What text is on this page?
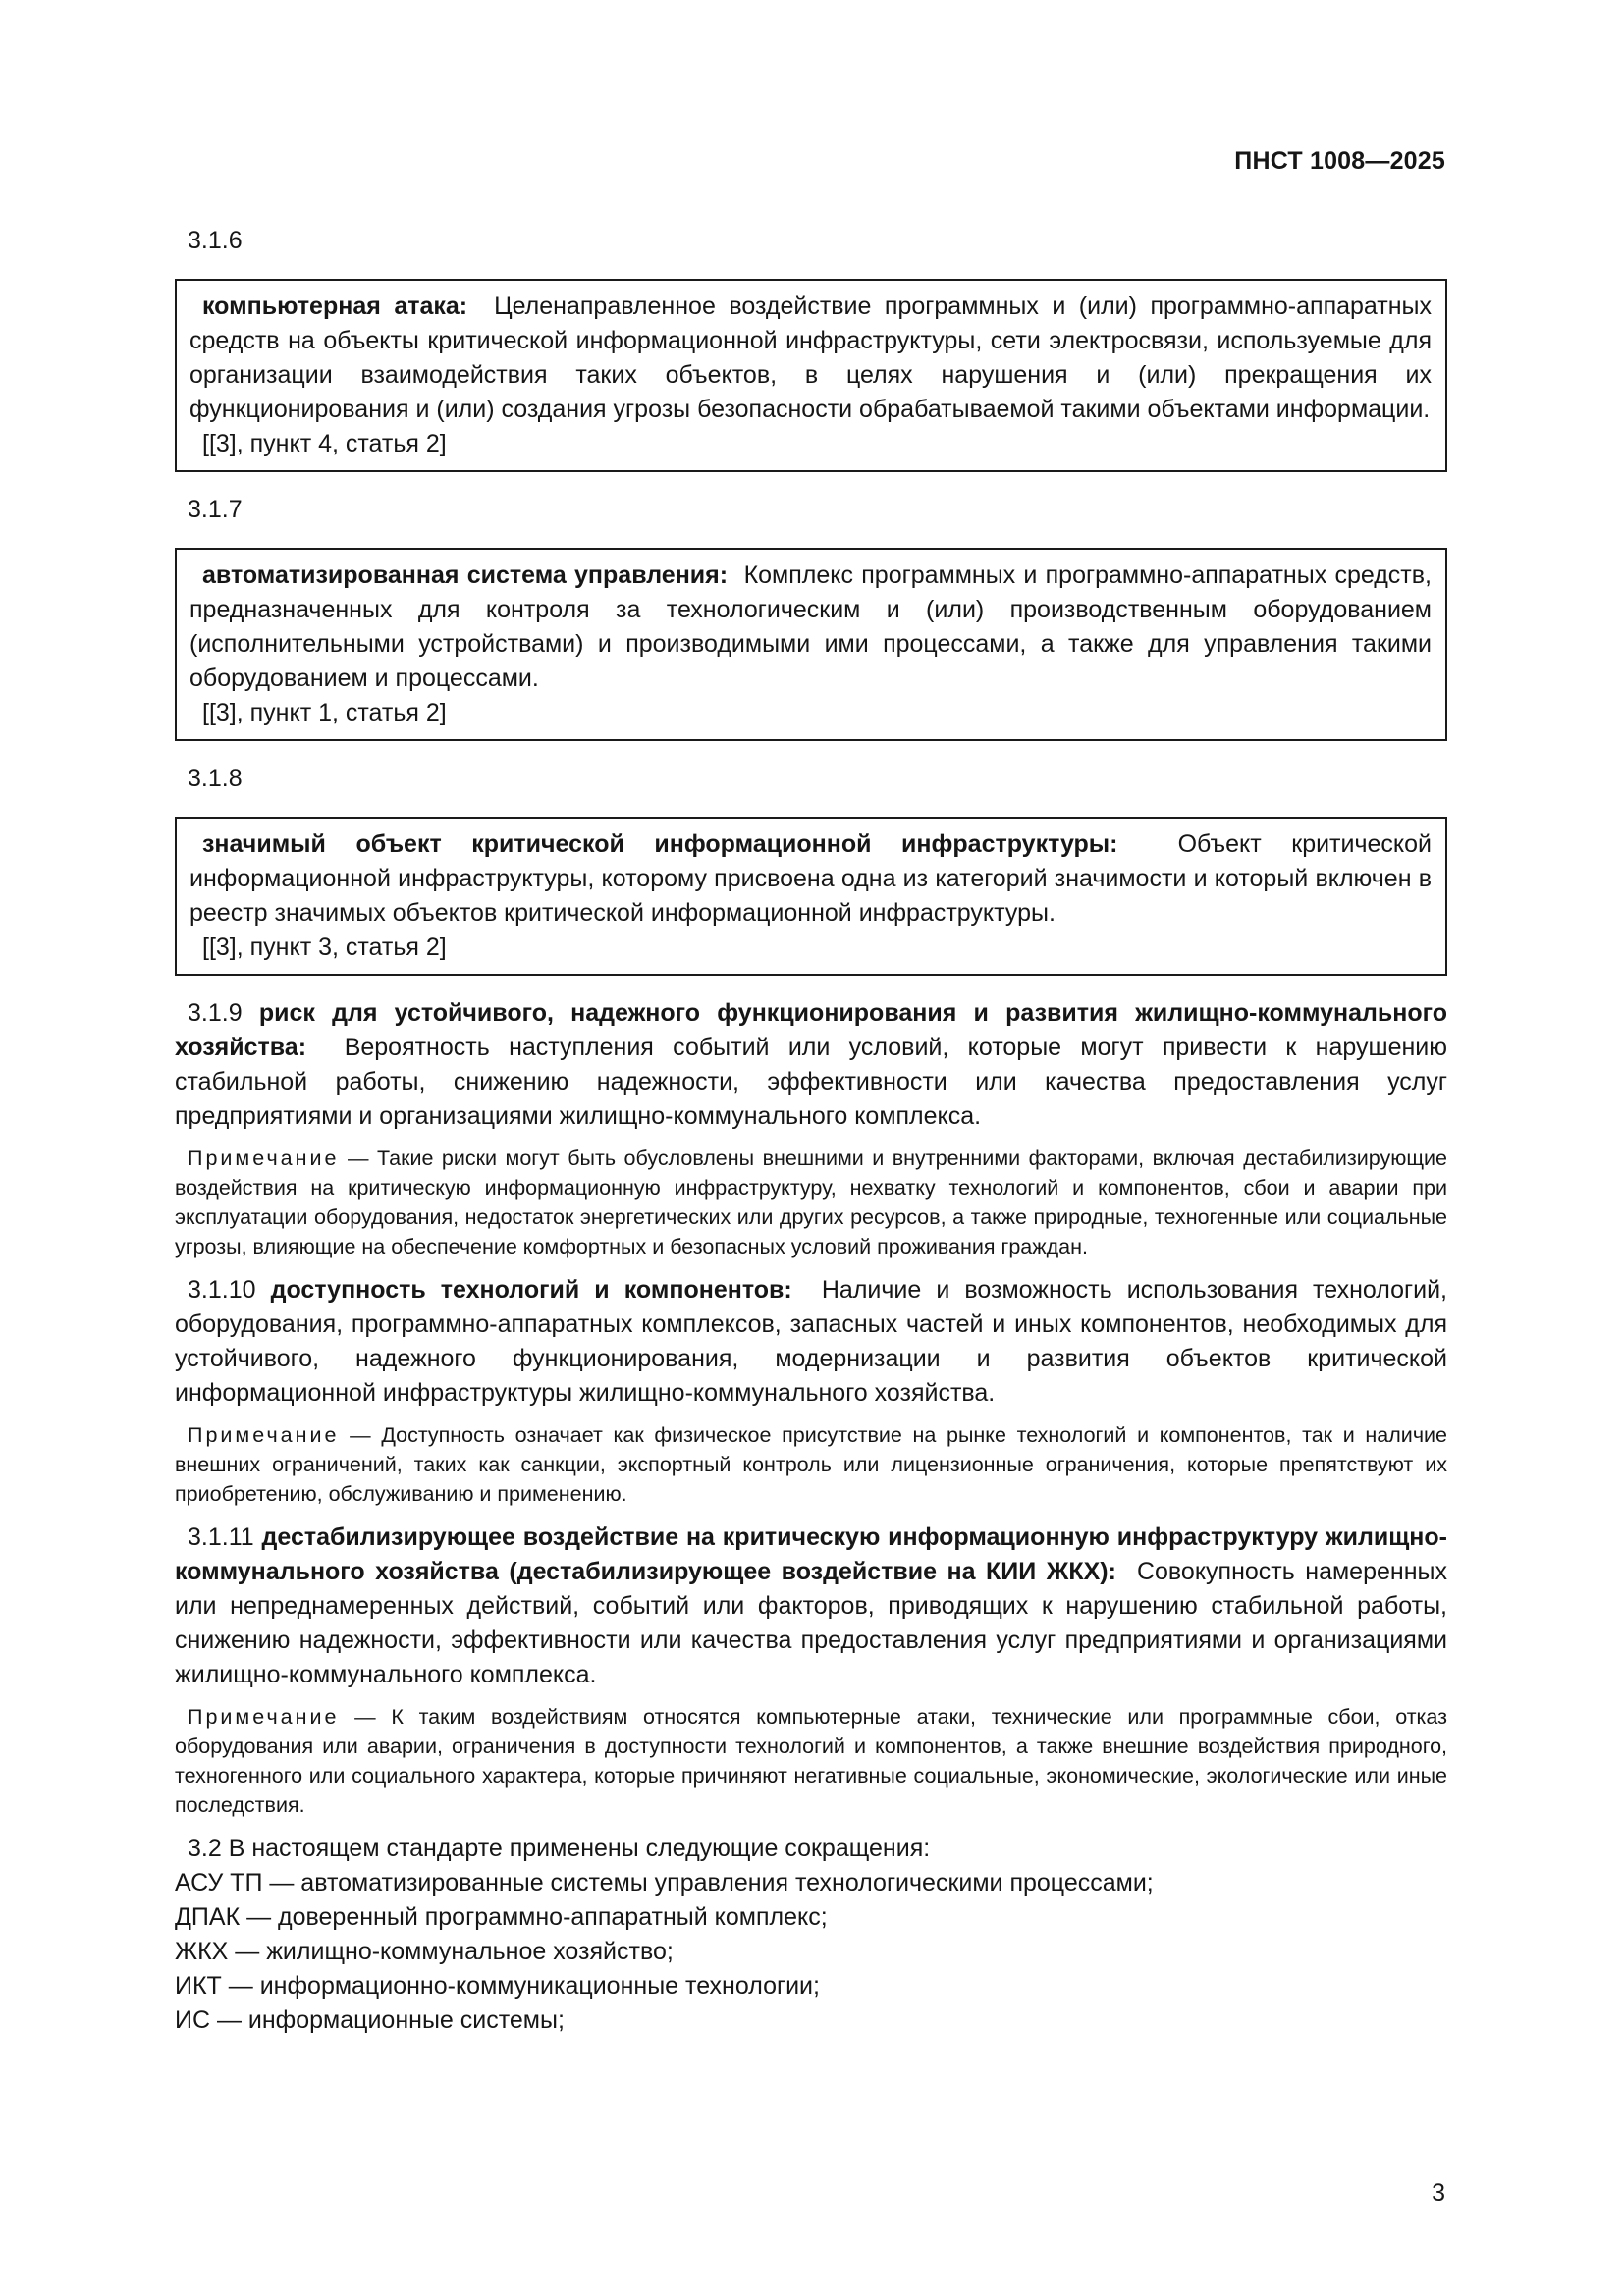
ПНСТ 1008—2025
3.1.6

компьютерная атака: Целенаправленное воздействие программных и (или) программно-аппаратных средств на объекты критической информационной инфраструктуры, сети электросвязи, используемые для организации взаимодействия таких объектов, в целях нарушения и (или) прекращения их функционирования и (или) создания угрозы безопасности обрабатываемой такими объектами информации.

[[3], пункт 4, статья 2]
3.1.7

автоматизированная система управления: Комплекс программных и программно-аппаратных средств, предназначенных для контроля за технологическим и (или) производственным оборудованием (исполнительными устройствами) и производимыми ими процессами, а также для управления такими оборудованием и процессами.

[[3], пункт 1, статья 2]
3.1.8

значимый объект критической информационной инфраструктуры: Объект критической информационной инфраструктуры, которому присвоена одна из категорий значимости и который включен в реестр значимых объектов критической информационной инфраструктуры.

[[3], пункт 3, статья 2]

3.1.9 риск для устойчивого, надежного функционирования и развития жилищно-коммунального хозяйства: Вероятность наступления событий или условий, которые могут привести к нарушению стабильной работы, снижению надежности, эффективности или качества предоставления услуг предприятиями и организациями жилищно-коммунального комплекса.

Примечание — Такие риски могут быть обусловлены внешними и внутренними факторами, включая дестабилизирующие воздействия на критическую информационную инфраструктуру, нехватку технологий и компонентов, сбои и аварии при эксплуатации оборудования, недостаток энергетических или других ресурсов, а также природные, техногенные или социальные угрозы, влияющие на обеспечение комфортных и безопасных условий проживания граждан.

3.1.10 доступность технологий и компонентов: Наличие и возможность использования технологий, оборудования, программно-аппаратных комплексов, запасных частей и иных компонентов, необходимых для устойчивого, надежного функционирования, модернизации и развития объектов критической информационной инфраструктуры жилищно-коммунального хозяйства.

Примечание — Доступность означает как физическое присутствие на рынке технологий и компонентов, так и наличие внешних ограничений, таких как санкции, экспортный контроль или лицензионные ограничения, которые препятствуют их приобретению, обслуживанию и применению.

3.1.11 дестабилизирующее воздействие на критическую информационную инфраструктуру жилищно-коммунального хозяйства (дестабилизирующее воздействие на КИИ ЖКХ): Совокупность намеренных или непреднамеренных действий, событий или факторов, приводящих к нарушению стабильной работы, снижению надежности, эффективности или качества предоставления услуг предприятиями и организациями жилищно-коммунального комплекса.

Примечание — К таким воздействиям относятся компьютерные атаки, технические или программные сбои, отказ оборудования или аварии, ограничения в доступности технологий и компонентов, а также внешние воздействия природного, техногенного или социального характера, которые причиняют негативные социальные, экономические, экологические или иные последствия.

3.2 В настоящем стандарте применены следующие сокращения:

АСУ ТП — автоматизированные системы управления технологическими процессами;

ДПАК — доверенный программно-аппаратный комплекс;

ЖКХ — жилищно-коммунальное хозяйство;

ИКТ — информационно-коммуникационные технологии;

ИС — информационные системы;

3
